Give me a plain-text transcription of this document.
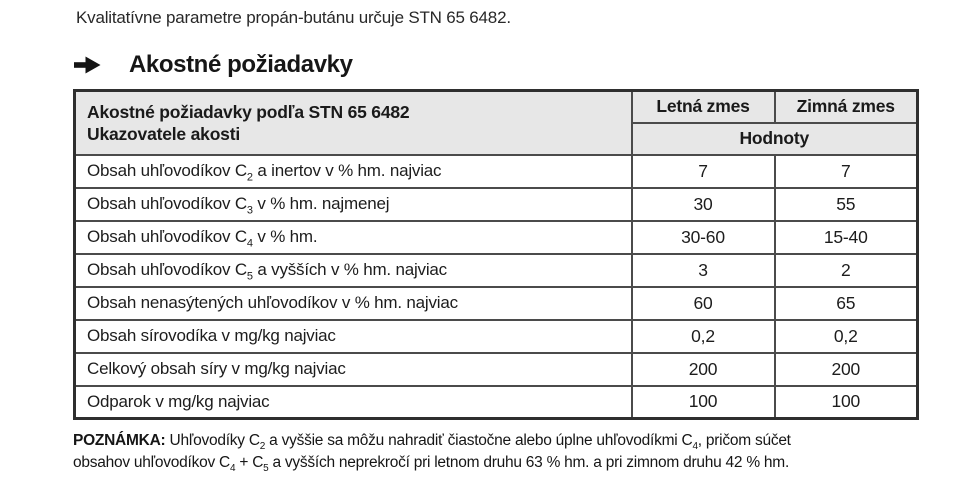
Kvalitatívne parametre propán-butánu určuje STN 65 6482.

Akostné požiadavky
Akostné požiadavky podľa STN 65 6482
Ukazovatele akosti	Letná zmes	Zimná zmes
	Hodnoty	
Obsah uhľovodíkov $C_2$ a inertov v % hm. najviac	7	7
Obsah uhľovodíkov $C_3$ v % hm. najmenej	30	55
Obsah uhľovodíkov $C_4$ v % hm.	30-60	15-40
Obsah uhľovodíkov $C_5$ a vyšších v % hm. najviac	3	2
Obsah nenasýtených uhľovodíkov v % hm. najviac	60	65
Obsah sírovodíka v mg/kg najviac	0,2	0,2
Celkový obsah síry v mg/kg najviac	200	200
Odparok v mg/kg najviac	100	100

POZNÁMKA: Uhľovodíky $C_2$ a vyššie sa môžu nahradiť čiastočne alebo úplne uhľovodíkmi $C_4$, pričom súčet
obsahov uhľovodíkov $C_4 + C_5$ a vyšších neprekročí pri letnom druhu 63 % hm. a pri zimnom druhu 42 % hm.
